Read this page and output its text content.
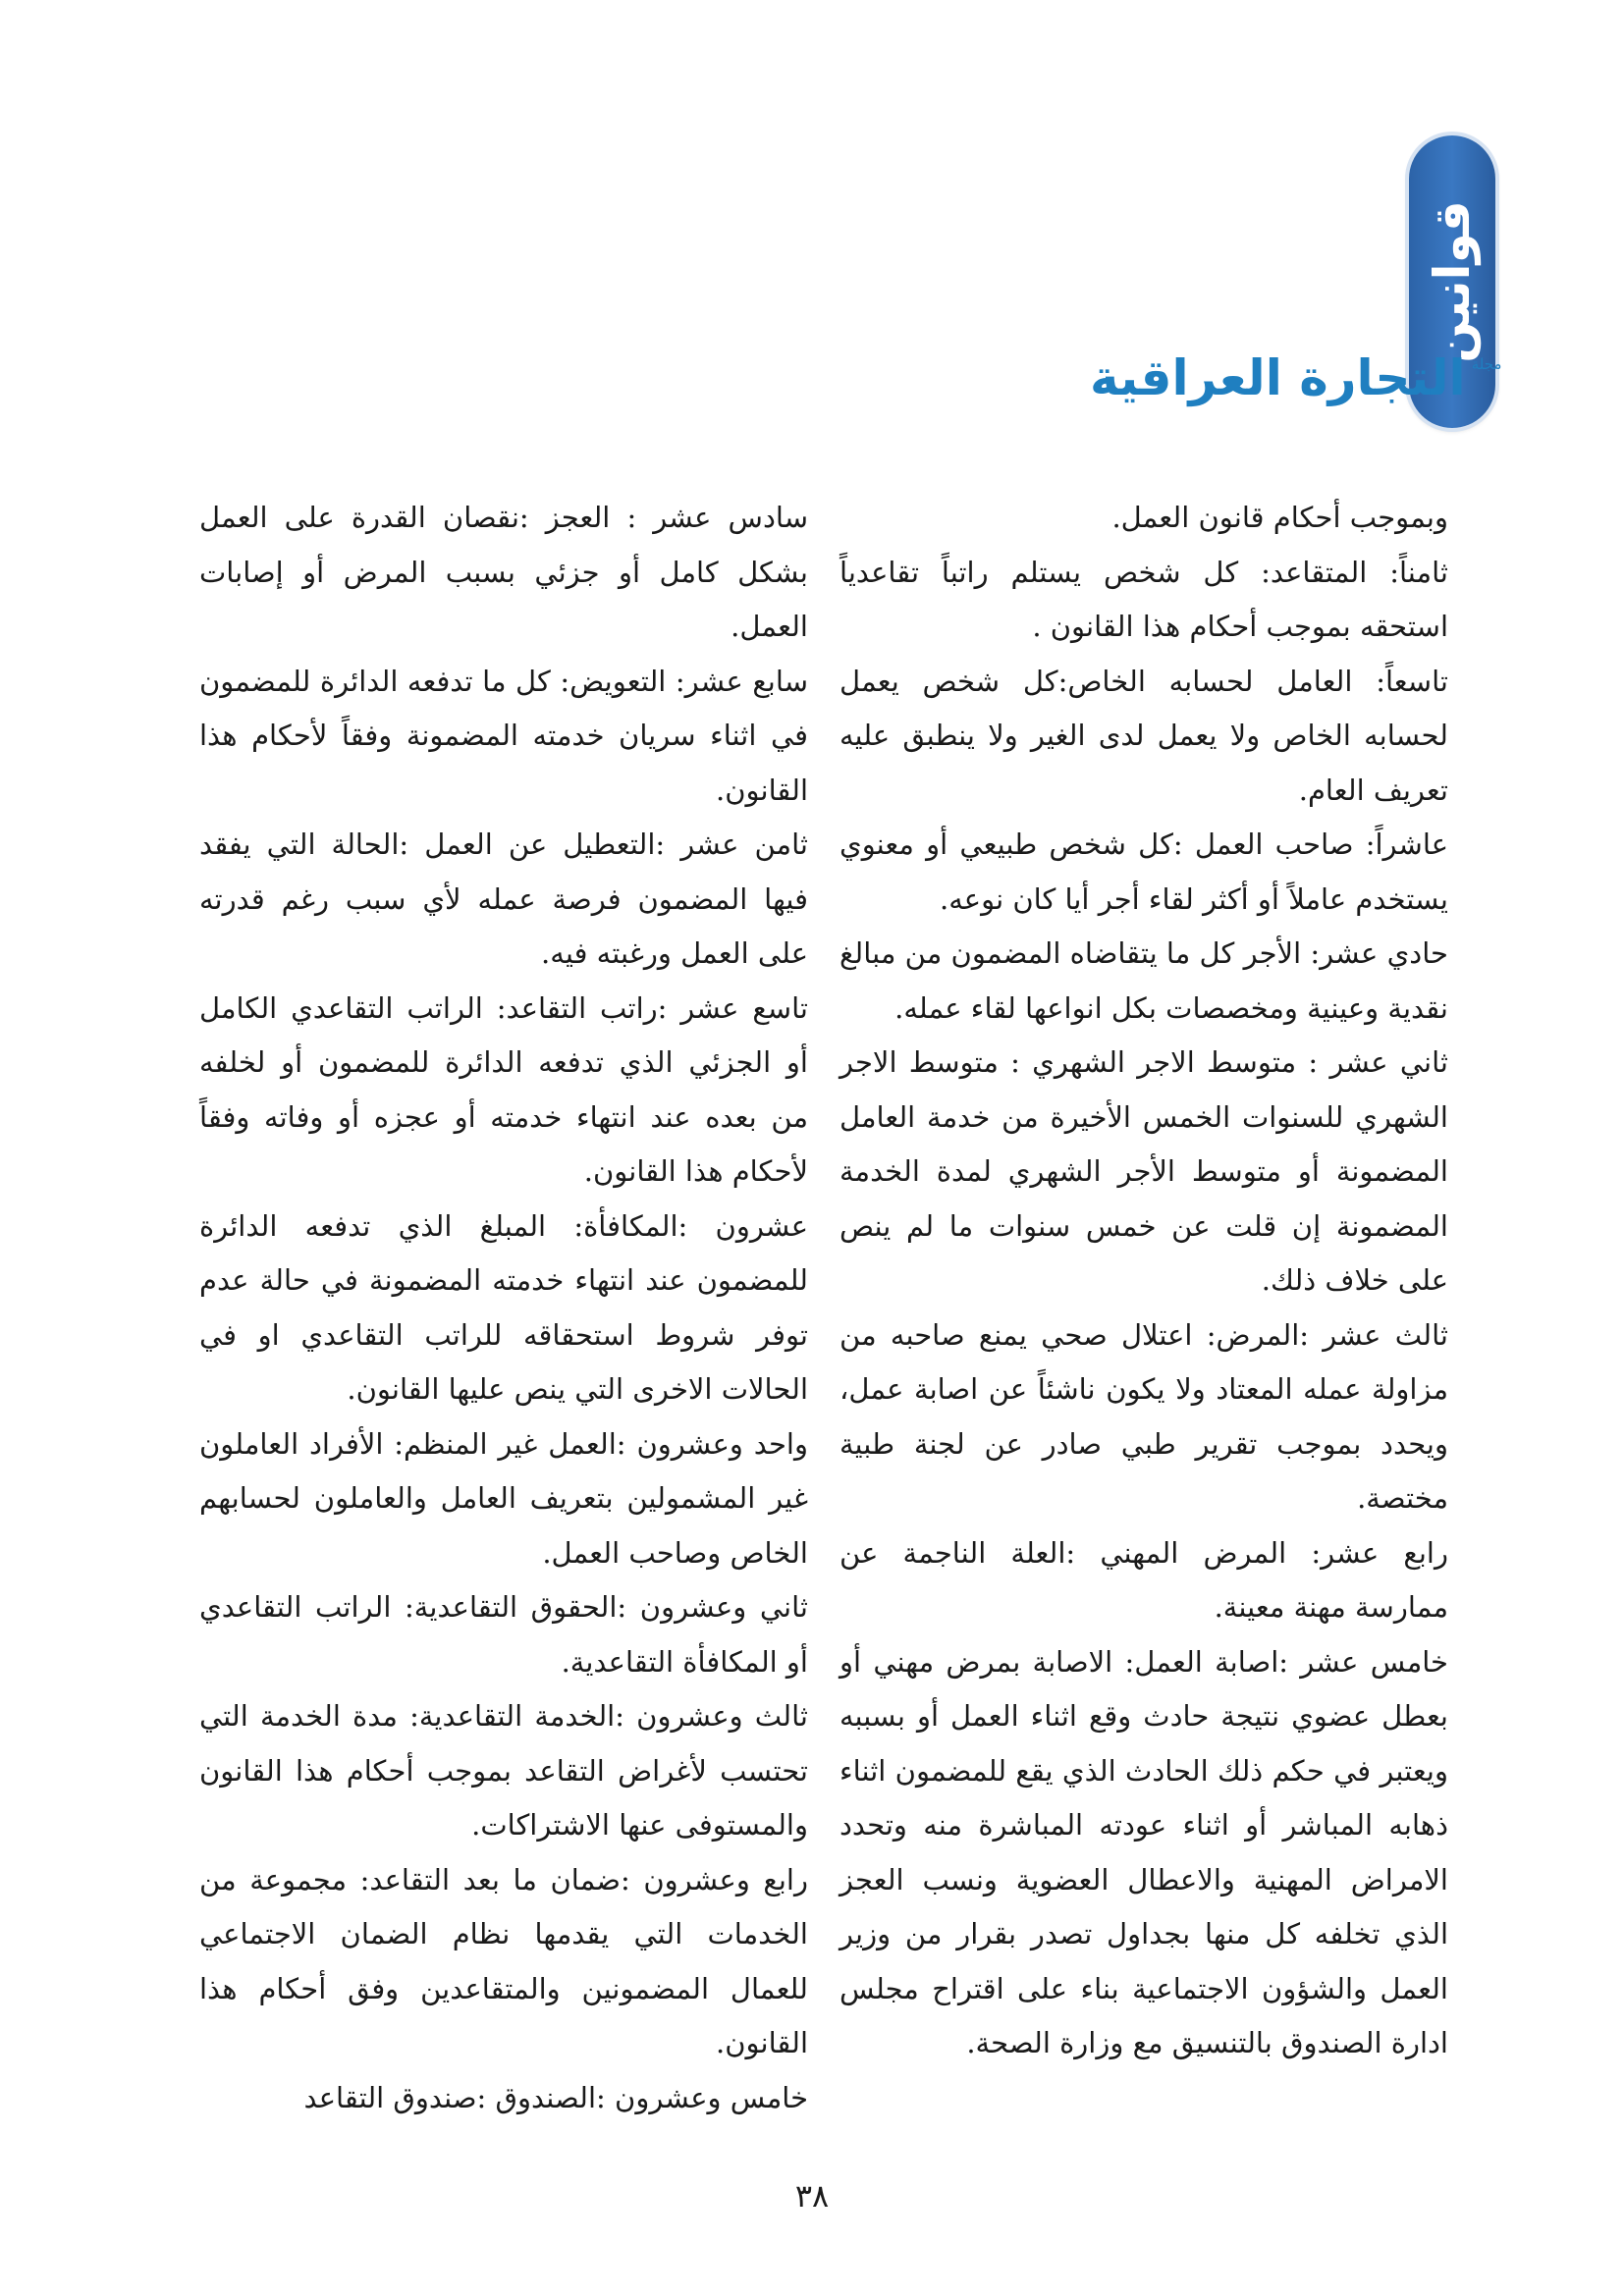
قوانين
مجلة
التجارة العراقية

وبموجب أحكام قانون العمل.

ثامناً: المتقاعد: كل شخص يستلم راتباً تقاعدياً استحقه بموجب أحكام هذا القانون .

تاسعاً: العامل لحسابه الخاص:كل شخص يعمل لحسابه الخاص ولا يعمل لدى الغير ولا ينطبق عليه تعريف العام.

عاشراً: صاحب العمل :كل شخص طبيعي أو معنوي يستخدم عاملاً أو أكثر لقاء أجر أيا كان نوعه.

حادي عشر: الأجر كل ما يتقاضاه المضمون من مبالغ نقدية وعينية ومخصصات بكل انواعها لقاء عمله.

ثاني عشر : متوسط الاجر الشهري : متوسط الاجر الشهري للسنوات الخمس الأخيرة من خدمة العامل المضمونة أو متوسط الأجر الشهري لمدة الخدمة المضمونة إن قلت عن خمس سنوات ما لم ينص على خلاف ذلك.

ثالث عشر :المرض: اعتلال صحي يمنع صاحبه من مزاولة عمله المعتاد ولا يكون ناشئاً عن اصابة عمل، ويحدد بموجب تقرير طبي صادر عن لجنة طبية مختصة.

رابع عشر: المرض المهني :العلة الناجمة عن ممارسة مهنة معينة.

خامس عشر :اصابة العمل: الاصابة بمرض مهني أو بعطل عضوي نتيجة حادث وقع اثناء العمل أو بسببه ويعتبر في حكم ذلك الحادث الذي يقع للمضمون اثناء ذهابه المباشر أو اثناء عودته المباشرة منه وتحدد الامراض المهنية والاعطال العضوية ونسب العجز الذي تخلفه كل منها بجداول تصدر بقرار من وزير العمل والشؤون الاجتماعية بناء على اقتراح مجلس ادارة الصندوق بالتنسيق مع وزارة الصحة.

سادس عشر : العجز :نقصان القدرة على العمل بشكل كامل أو جزئي بسبب المرض أو إصابات العمل.

سابع عشر: التعويض: كل ما تدفعه الدائرة للمضمون في اثناء سريان خدمته المضمونة وفقاً لأحكام هذا القانون.

ثامن عشر :التعطيل عن العمل :الحالة التي يفقد فيها المضمون فرصة عمله لأي سبب رغم قدرته على العمل ورغبته فيه.

تاسع عشر :راتب التقاعد: الراتب التقاعدي الكامل أو الجزئي الذي تدفعه الدائرة للمضمون أو لخلفه من بعده عند انتهاء خدمته أو عجزه أو وفاته وفقاً لأحكام هذا القانون.

عشرون :المكافأة: المبلغ الذي تدفعه الدائرة للمضمون عند انتهاء خدمته المضمونة في حالة عدم توفر شروط استحقاقه للراتب التقاعدي او في الحالات الاخرى التي ينص عليها القانون.

واحد وعشرون :العمل غير المنظم: الأفراد العاملون غير المشمولين بتعريف العامل والعاملون لحسابهم الخاص وصاحب العمل.

ثاني وعشرون :الحقوق التقاعدية: الراتب التقاعدي أو المكافأة التقاعدية.

ثالث وعشرون :الخدمة التقاعدية: مدة الخدمة التي تحتسب لأغراض التقاعد بموجب أحكام هذا القانون والمستوفى عنها الاشتراكات.

رابع وعشرون :ضمان ما بعد التقاعد: مجموعة من الخدمات التي يقدمها نظام الضمان الاجتماعي للعمال المضمونين والمتقاعدين وفق أحكام هذا القانون.

خامس وعشرون :الصندوق :صندوق التقاعد

٣٨
